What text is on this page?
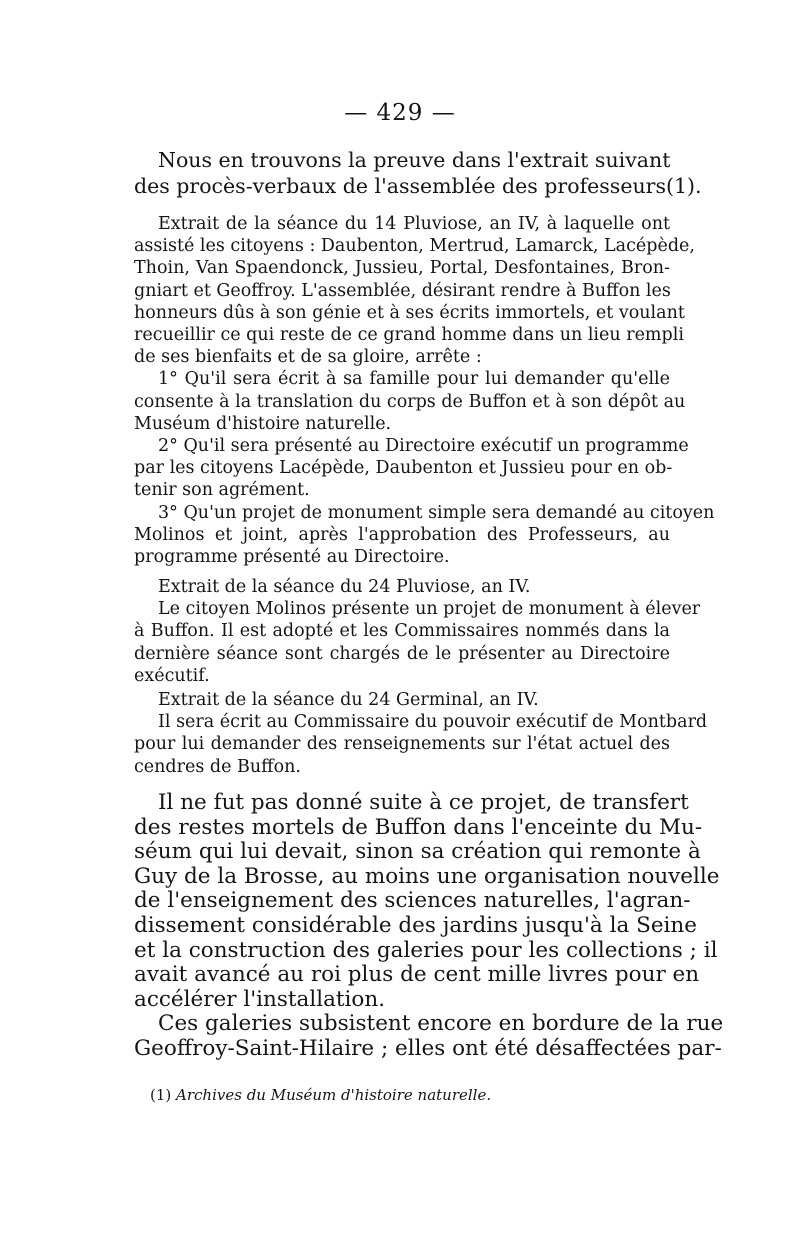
— 429 —
Nous en trouvons la preuve dans l'extrait suivant
des procès-verbaux de l'assemblée des professeurs(1).
Extrait de la séance du 14 Pluviose, an IV, à laquelle ont
assisté les citoyens : Daubenton, Mertrud, Lamarck, Lacépède,
Thoin, Van Spaendonck, Jussieu, Portal, Desfontaines, Bron-
gniart et Geoffroy. L'assemblée, désirant rendre à Buffon les
honneurs dûs à son génie et à ses écrits immortels, et voulant
recueillir ce qui reste de ce grand homme dans un lieu rempli
de ses bienfaits et de sa gloire, arrête :
1° Qu'il sera écrit à sa famille pour lui demander qu'elle
consente à la translation du corps de Buffon et à son dépôt au
Muséum d'histoire naturelle.
2° Qu'il sera présenté au Directoire exécutif un programme
par les citoyens Lacépède, Daubenton et Jussieu pour en ob-
tenir son agrément.
3° Qu'un projet de monument simple sera demandé au citoyen
Molinos et joint, après l'approbation des Professeurs, au
programme présenté au Directoire.
Extrait de la séance du 24 Pluviose, an IV.
Le citoyen Molinos présente un projet de monument à élever
à Buffon. Il est adopté et les Commissaires nommés dans la
dernière séance sont chargés de le présenter au Directoire
exécutif.
Extrait de la séance du 24 Germinal, an IV.
Il sera écrit au Commissaire du pouvoir exécutif de Montbard
pour lui demander des renseignements sur l'état actuel des
cendres de Buffon.
Il ne fut pas donné suite à ce projet, de transfert
des restes mortels de Buffon dans l'enceinte du Mu-
séum qui lui devait, sinon sa création qui remonte à
Guy de la Brosse, au moins une organisation nouvelle
de l'enseignement des sciences naturelles, l'agran-
dissement considérable des jardins jusqu'à la Seine
et la construction des galeries pour les collections ; il
avait avancé au roi plus de cent mille livres pour en
accélérer l'installation.
Ces galeries subsistent encore en bordure de la rue
Geoffroy-Saint-Hilaire ; elles ont été désaffectées par-
(1) Archives du Muséum d'histoire naturelle.
